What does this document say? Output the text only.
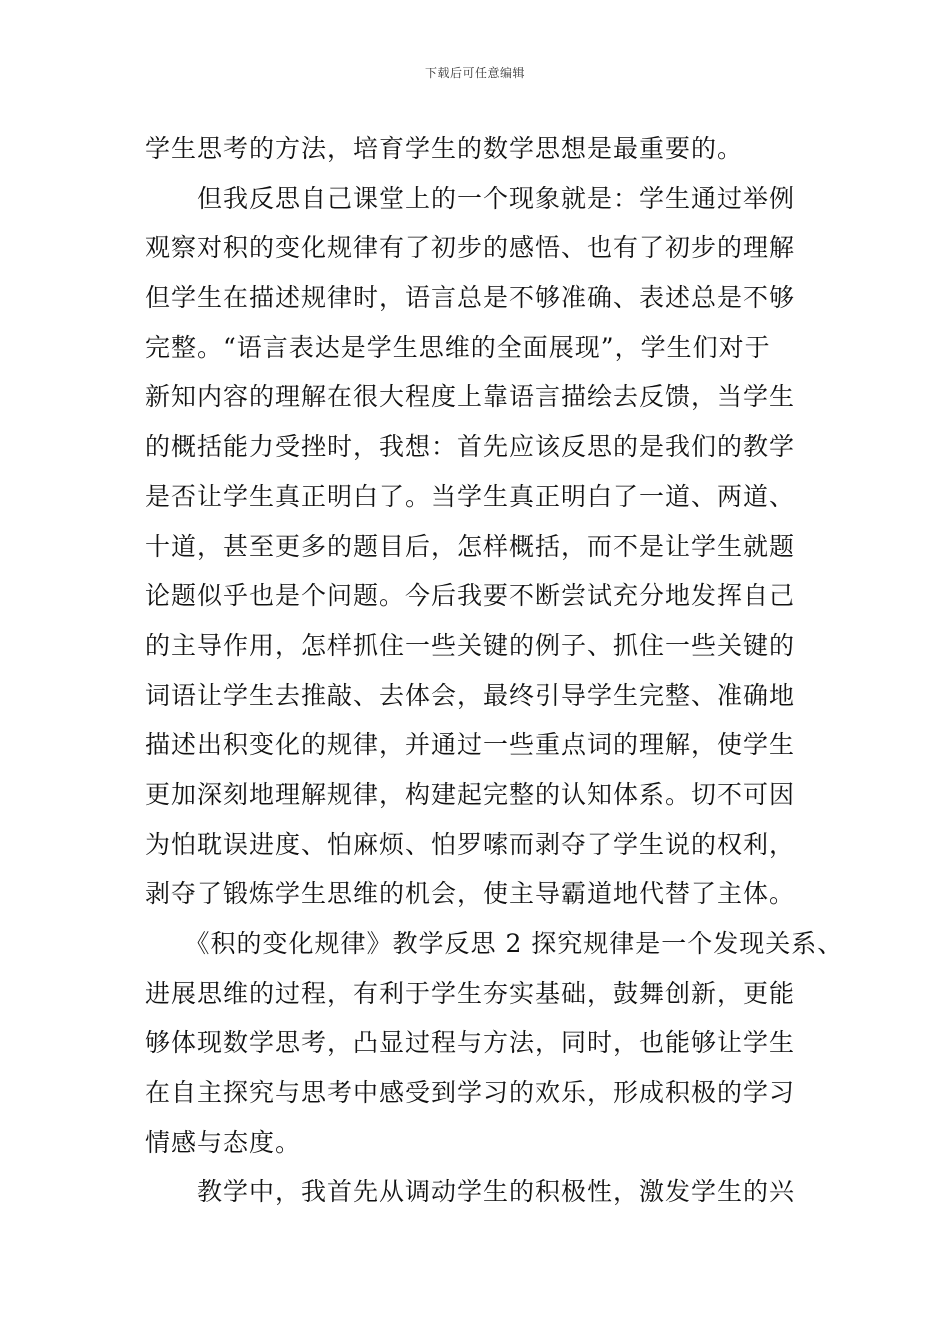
下载后可任意编辑
学生思考的方法，培育学生的数学思想是最重要的。
　　但我反思自己课堂上的一个现象就是：学生通过举例
观察对积的变化规律有了初步的感悟、也有了初步的理解
但学生在描述规律时，语言总是不够准确、表述总是不够
完整。“语言表达是学生思维的全面展现”，学生们对于
新知内容的理解在很大程度上靠语言描绘去反馈，当学生
的概括能力受挫时，我想：首先应该反思的是我们的教学
是否让学生真正明白了。当学生真正明白了一道、两道、
十道，甚至更多的题目后，怎样概括，而不是让学生就题
论题似乎也是个问题。今后我要不断尝试充分地发挥自己
的主导作用，怎样抓住一些关键的例子、抓住一些关键的
词语让学生去推敲、去体会，最终引导学生完整、准确地
描述出积变化的规律，并通过一些重点词的理解，使学生
更加深刻地理解规律，构建起完整的认知体系。切不可因
为怕耽误进度、怕麻烦、怕罗嗦而剥夺了学生说的权利，
剥夺了锻炼学生思维的机会，使主导霸道地代替了主体。
　　《积的变化规律》教学反思 2 探究规律是一个发现关系、
进展思维的过程，有利于学生夯实基础，鼓舞创新，更能
够体现数学思考，凸显过程与方法，同时，也能够让学生
在自主探究与思考中感受到学习的欢乐，形成积极的学习
情感与态度。
　　教学中，我首先从调动学生的积极性，激发学生的兴
